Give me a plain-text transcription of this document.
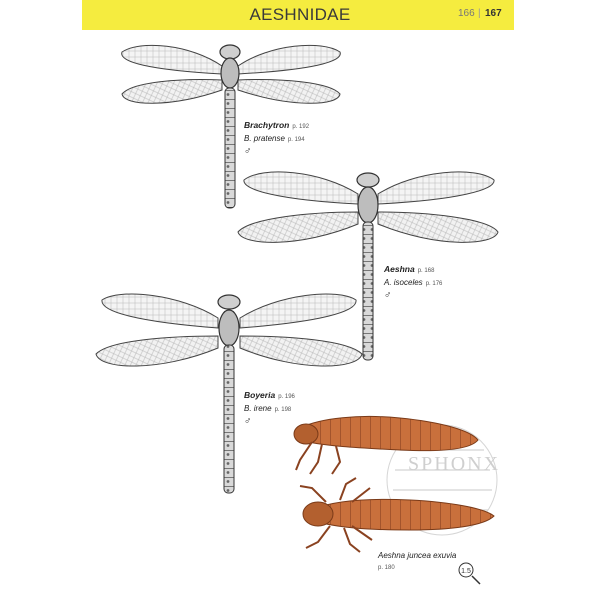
AESHNIDAE	166 | 167
Brachytron p. 192
B. pratense p. 194
♂
Aeshna p. 168
A. isoceles p. 176
♂
Boyeria p. 196
B. irene p. 198
♂
SPHONX
Aeshna juncea exuvia
p. 180	1.5
